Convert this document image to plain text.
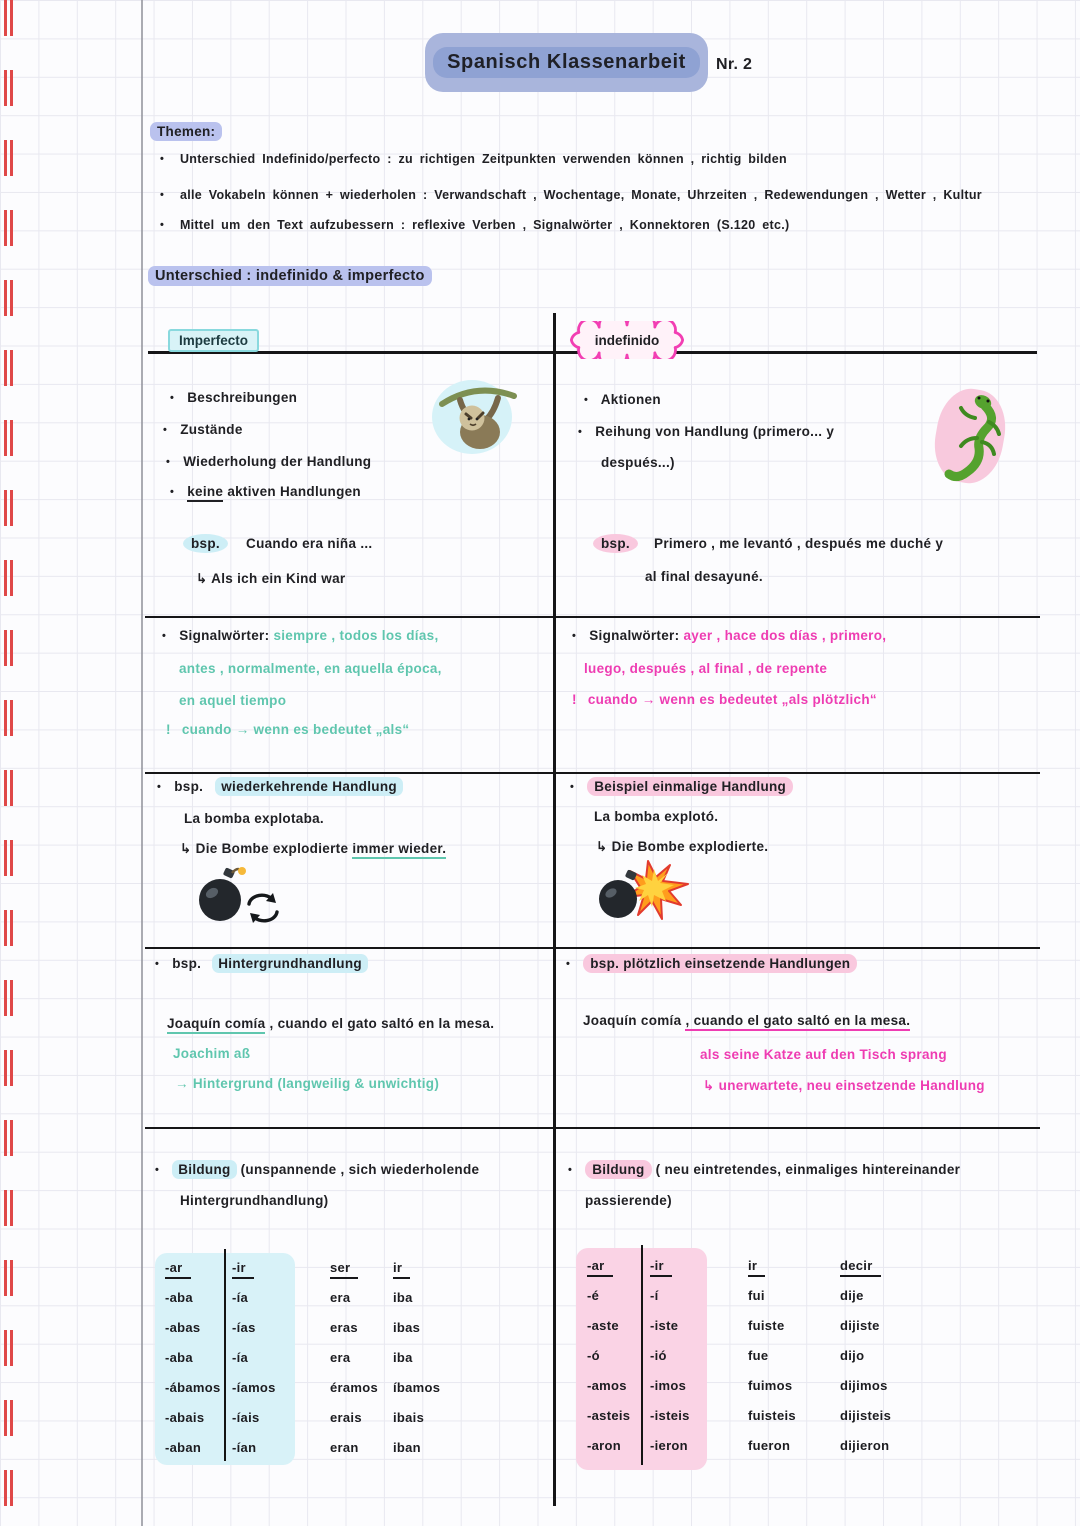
Spanisch Klassenarbeit	Nr. 2
Themen:
• Unterschied Indefinido/perfecto : zu richtigen Zeitpunkten verwenden können , richtig bilden
• alle Vokabeln können + wiederholen : Verwandschaft , Wochentage, Monate, Uhrzeiten , Redewendungen , Wetter , Kultur
• Mittel um den Text aufzubessern : reflexive Verben , Signalwörter , Konnektoren (S.120 etc.)
Unterschied : indefinido & imperfecto
Imperfecto	indefinido
• Beschreibungen
• Zustände
• Wiederholung der Handlung
• keine aktiven Handlungen
bsp. Cuando era niña ...
↳ Als ich ein Kind war
• Aktionen
• Reihung von Handlung (primero... y
después...)
bsp. Primero , me levantó , después me duché y
al final desayuné.
• Signalwörter: siempre , todos los días,
antes , normalmente, en aquella época,
en aquel tiempo
! cuando → wenn es bedeutet „als“
• Signalwörter: ayer , hace dos días , primero,
luego, después , al final , de repente
! cuando → wenn es bedeutet „als plötzlich“
• bsp. wiederkehrende Handlung
La bomba explotaba.
↳ Die Bombe explodierte immer wieder.
• Beispiel einmalige Handlung
La bomba explotó.
↳ Die Bombe explodierte.
• bsp. Hintergrundhandlung
Joaquín comía , cuando el gato saltó en la mesa.
Joachim aß
→ Hintergrund (langweilig & unwichtig)
• bsp. plötzlich einsetzende Handlungen
Joaquín comía , cuando el gato saltó en la mesa.
als seine Katze auf den Tisch sprang
↳ unerwartete, neu einsetzende Handlung
• Bildung (unspannende , sich wiederholende
Hintergrundhandlung)
• Bildung ( neu eintretendes, einmaliges hintereinander
passierende)
-ar	-ir	ser	ir
-aba	-ía	era	iba
-abas	-ías	eras	ibas
-aba	-ía	era	iba
-ábamos -íamos	éramos	íbamos
-abais	-íais	erais	ibais
-aban	-ían	eran	iban
-ar	-ir	ir	decir
-é	-í	fui	dije
-aste	-iste	fuiste	dijiste
-ó	-ió	fue	dijo
-amos	-imos	fuimos	dijimos
-asteis	-isteis	fuisteis	dijisteis
-aron	-ieron	fueron	dijieron
